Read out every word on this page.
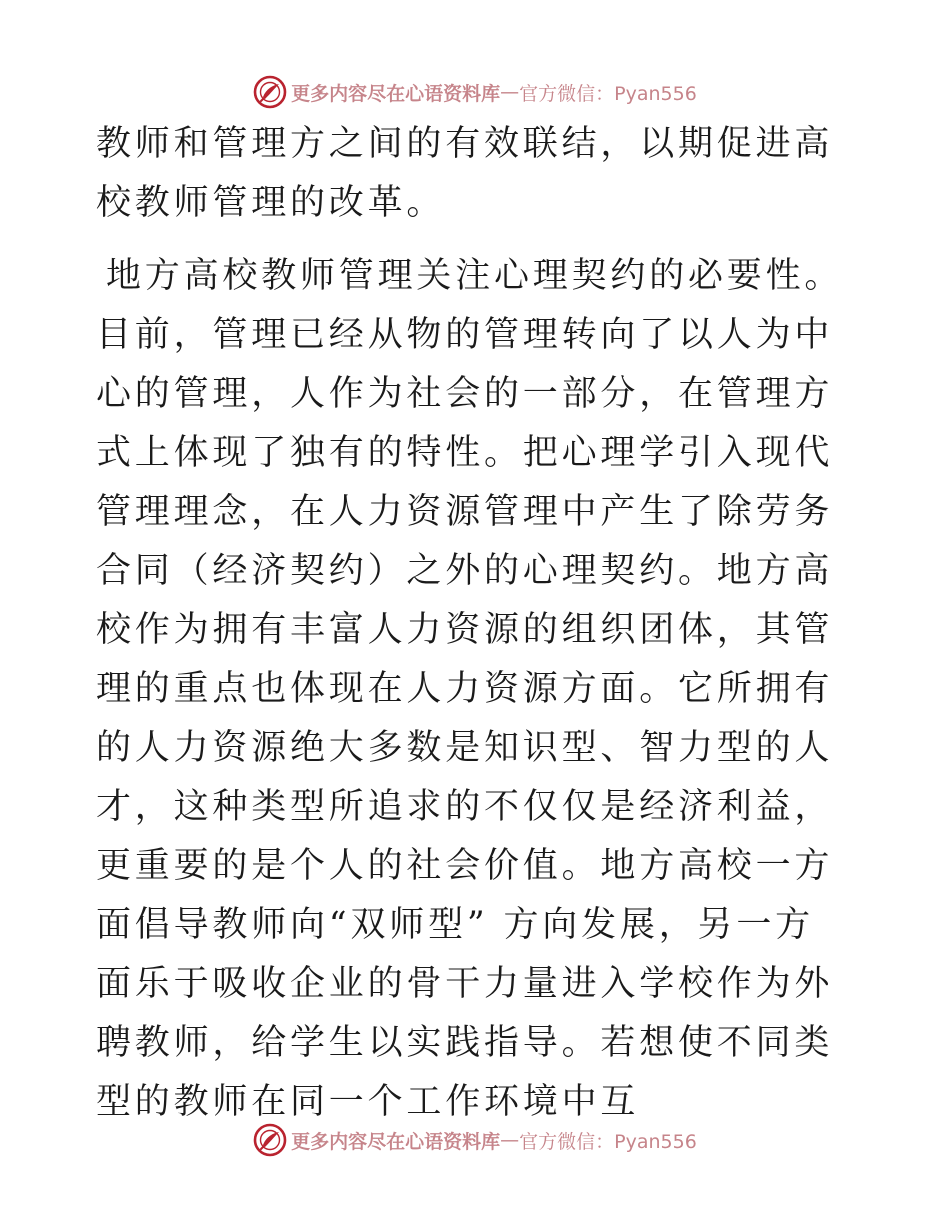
更多内容尽在心语资料库 — 官方微信：Pyan556

教师和管理方之间的有效联结，以期促进高校教师管理的改革。

地方高校教师管理关注心理契约的必要性。目前，管理已经从物的管理转向了以人为中心的管理，人作为社会的一部分，在管理方式上体现了独有的特性。把心理学引入现代管理理念，在人力资源管理中产生了除劳务合同（经济契约）之外的心理契约。地方高校作为拥有丰富人力资源的组织团体，其管理的重点也体现在人力资源方面。它所拥有的人力资源绝大多数是知识型、智力型的人才，这种类型所追求的不仅仅是经济利益，更重要的是个人的社会价值。地方高校一方面倡导教师向“双师型” 方向发展，另一方面乐于吸收企业的骨干力量进入学校作为外聘教师，给学生以实践指导。若想使不同类型的教师在同一个工作环境中互

更多内容尽在心语资料库 — 官方微信：Pyan556
